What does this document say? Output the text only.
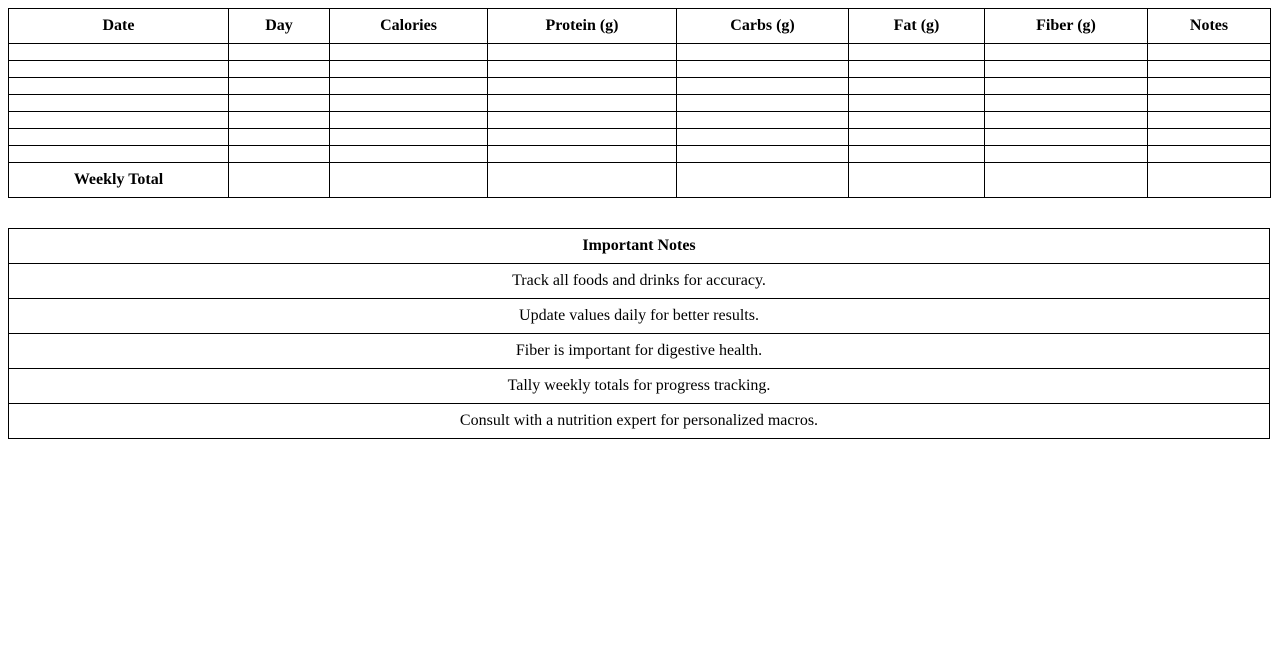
Date	Day	Calories	Protein (g)	Carbs (g)	Fat (g)	Fiber (g)	Notes

Weekly Total							
Important Notes
Track all foods and drinks for accuracy.
Update values daily for better results.
Fiber is important for digestive health.
Tally weekly totals for progress tracking.
Consult with a nutrition expert for personalized macros.
